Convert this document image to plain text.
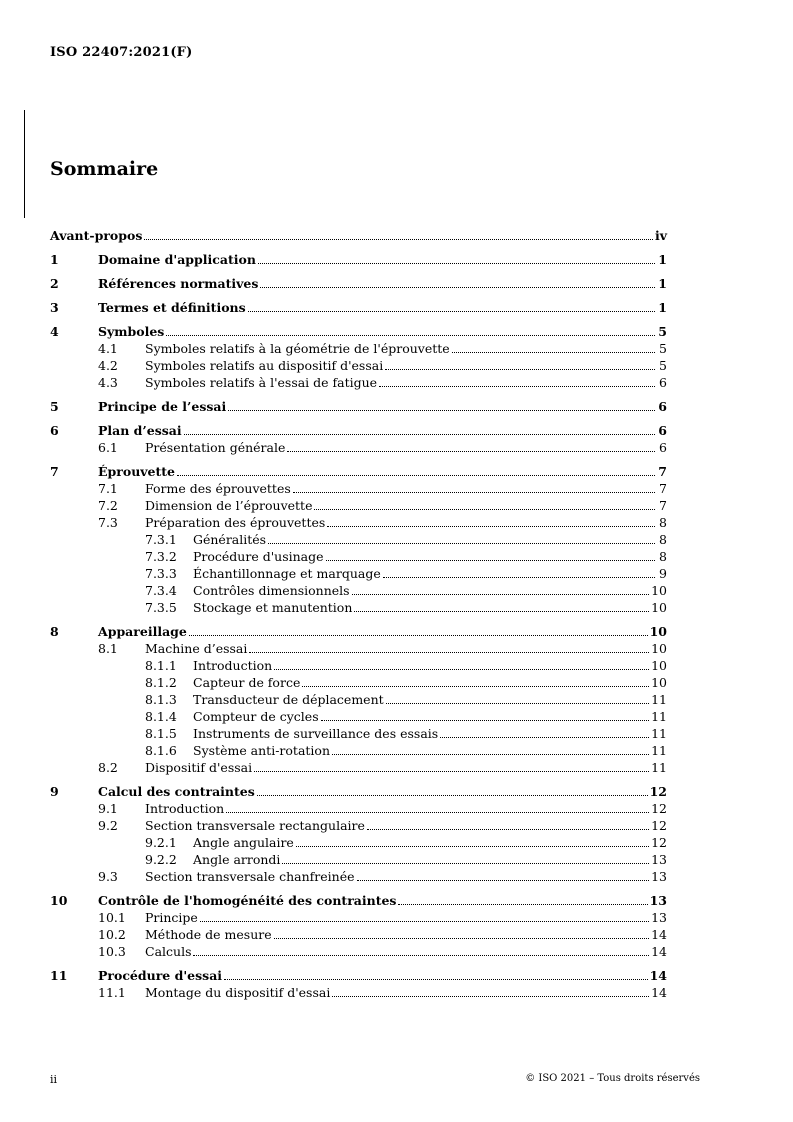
ISO 22407:2021(F)
Sommaire
Avant-propos	iv
1	Domaine d'application	1
2	Références normatives	1
3	Termes et définitions	1
4	Symboles	5
4.1 Symboles relatifs à la géométrie de l'éprouvette	5
4.2 Symboles relatifs au dispositif d'essai	5
4.3 Symboles relatifs à l'essai de fatigue	6
5	Principe de l’essai	6
6	Plan d’essai	6
6.1 Présentation générale	6
7	Éprouvette	7
7.1 Forme des éprouvettes	7
7.2 Dimension de l’éprouvette	7
7.3 Préparation des éprouvettes	8
7.3.1 Généralités	8
7.3.2 Procédure d'usinage	8
7.3.3 Échantillonnage et marquage	9
7.3.4 Contrôles dimensionnels	10
7.3.5 Stockage et manutention	10
8	Appareillage	10
8.1 Machine d’essai	10
8.1.1 Introduction	10
8.1.2 Capteur de force	10
8.1.3 Transducteur de déplacement	11
8.1.4 Compteur de cycles	11
8.1.5 Instruments de surveillance des essais	11
8.1.6 Système anti-rotation	11
8.2 Dispositif d'essai	11
9	Calcul des contraintes	12
9.1 Introduction	12
9.2 Section transversale rectangulaire	12
9.2.1 Angle angulaire	12
9.2.2 Angle arrondi	13
9.3 Section transversale chanfreinée	13
10 Contrôle de l'homogénéité des contraintes	13
10.1 Principe	13
10.2 Méthode de mesure	14
10.3 Calculs	14
11 Procédure d'essai	14
11.1 Montage du dispositif d'essai	14
ii	© ISO 2021 – Tous droits réservés
